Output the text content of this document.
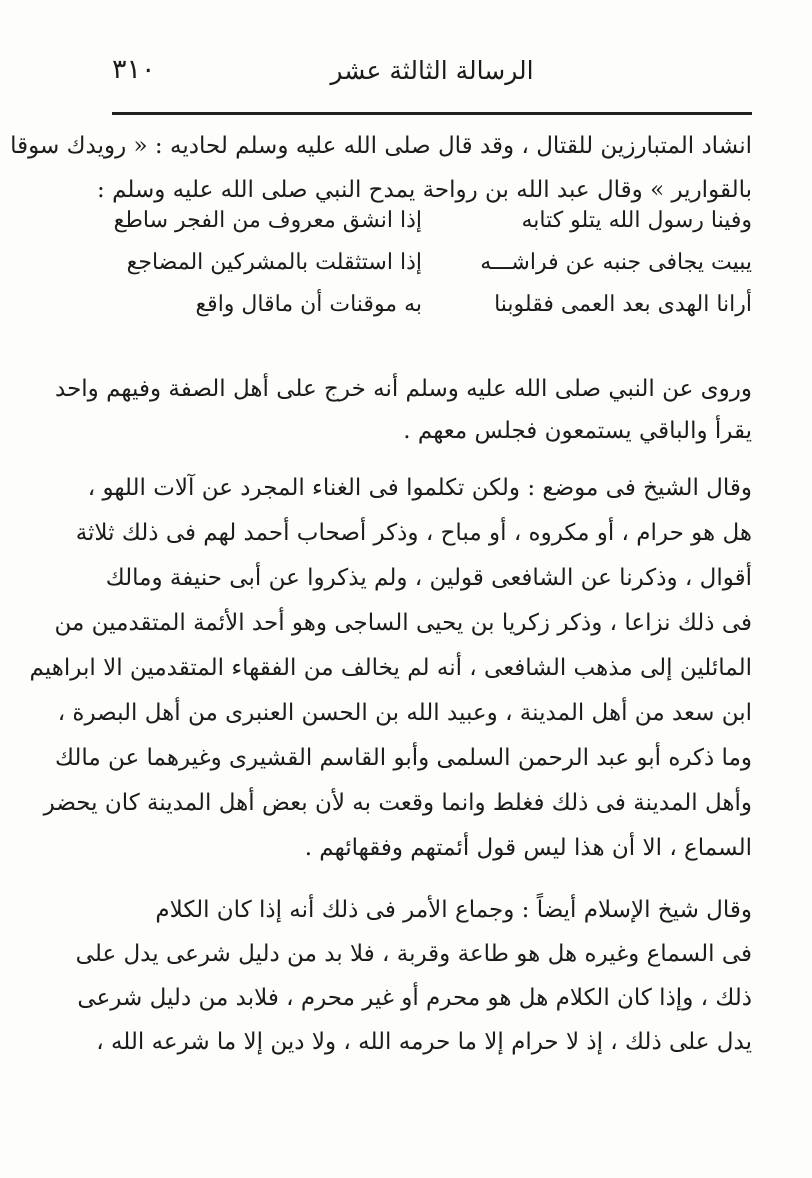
الرسالة الثالثة عشر
٣١٠

انشاد المتبارزين للقتال ، وقد قال صلى الله عليه وسلم لحاديه : « رويدك سوقا

بالقوارير » وقال عبد الله بن رواحة يمدح النبي صلى الله عليه وسلم :

وفينا رسول الله يتلو كتابه
إذا انشق معروف من الفجر ساطع
يبيت يجافى جنبه عن فراشـــه
إذا استثقلت بالمشركين المضاجع
أرانا الهدى بعد العمى فقلوبنا
به موقنات أن ماقال واقع

وروى عن النبي صلى الله عليه وسلم أنه خرج على أهل الصفة وفيهم واحد

يقرأ والباقي يستمعون فجلس معهم .

وقال الشيخ فى موضع : ولكن تكلموا فى الغناء المجرد عن آلات اللهو ،

هل هو حرام ، أو مكروه ، أو مباح ، وذكر أصحاب أحمد لهم فى ذلك ثلاثة

أقوال ، وذكرنا عن الشافعى قولين ، ولم يذكروا عن أبى حنيفة ومالك

فى ذلك نزاعا ، وذكر زكريا بن يحيى الساجى وهو أحد الأئمة المتقدمين من

المائلين إلى مذهب الشافعى ، أنه لم يخالف من الفقهاء المتقدمين الا ابراهيم

ابن سعد من أهل المدينة ، وعبيد الله بن الحسن العنبرى من أهل البصرة ،

وما ذكره أبو عبد الرحمن السلمى وأبو القاسم القشيرى وغيرهما عن مالك

وأهل المدينة فى ذلك فغلط وانما وقعت به لأن بعض أهل المدينة كان يحضر

السماع ، الا أن هذا ليس قول أئمتهم وفقهائهم .

وقال شيخ الإسلام أيضاً : وجماع الأمر فى ذلك أنه إذا كان الكلام

فى السماع وغيره هل هو طاعة وقربة ، فلا بد من دليل شرعى يدل على

ذلك ، وإذا كان الكلام هل هو محرم أو غير محرم ، فلابد من دليل شرعى

يدل على ذلك ، إذ لا حرام إلا ما حرمه الله ، ولا دين إلا ما شرعه الله ،
